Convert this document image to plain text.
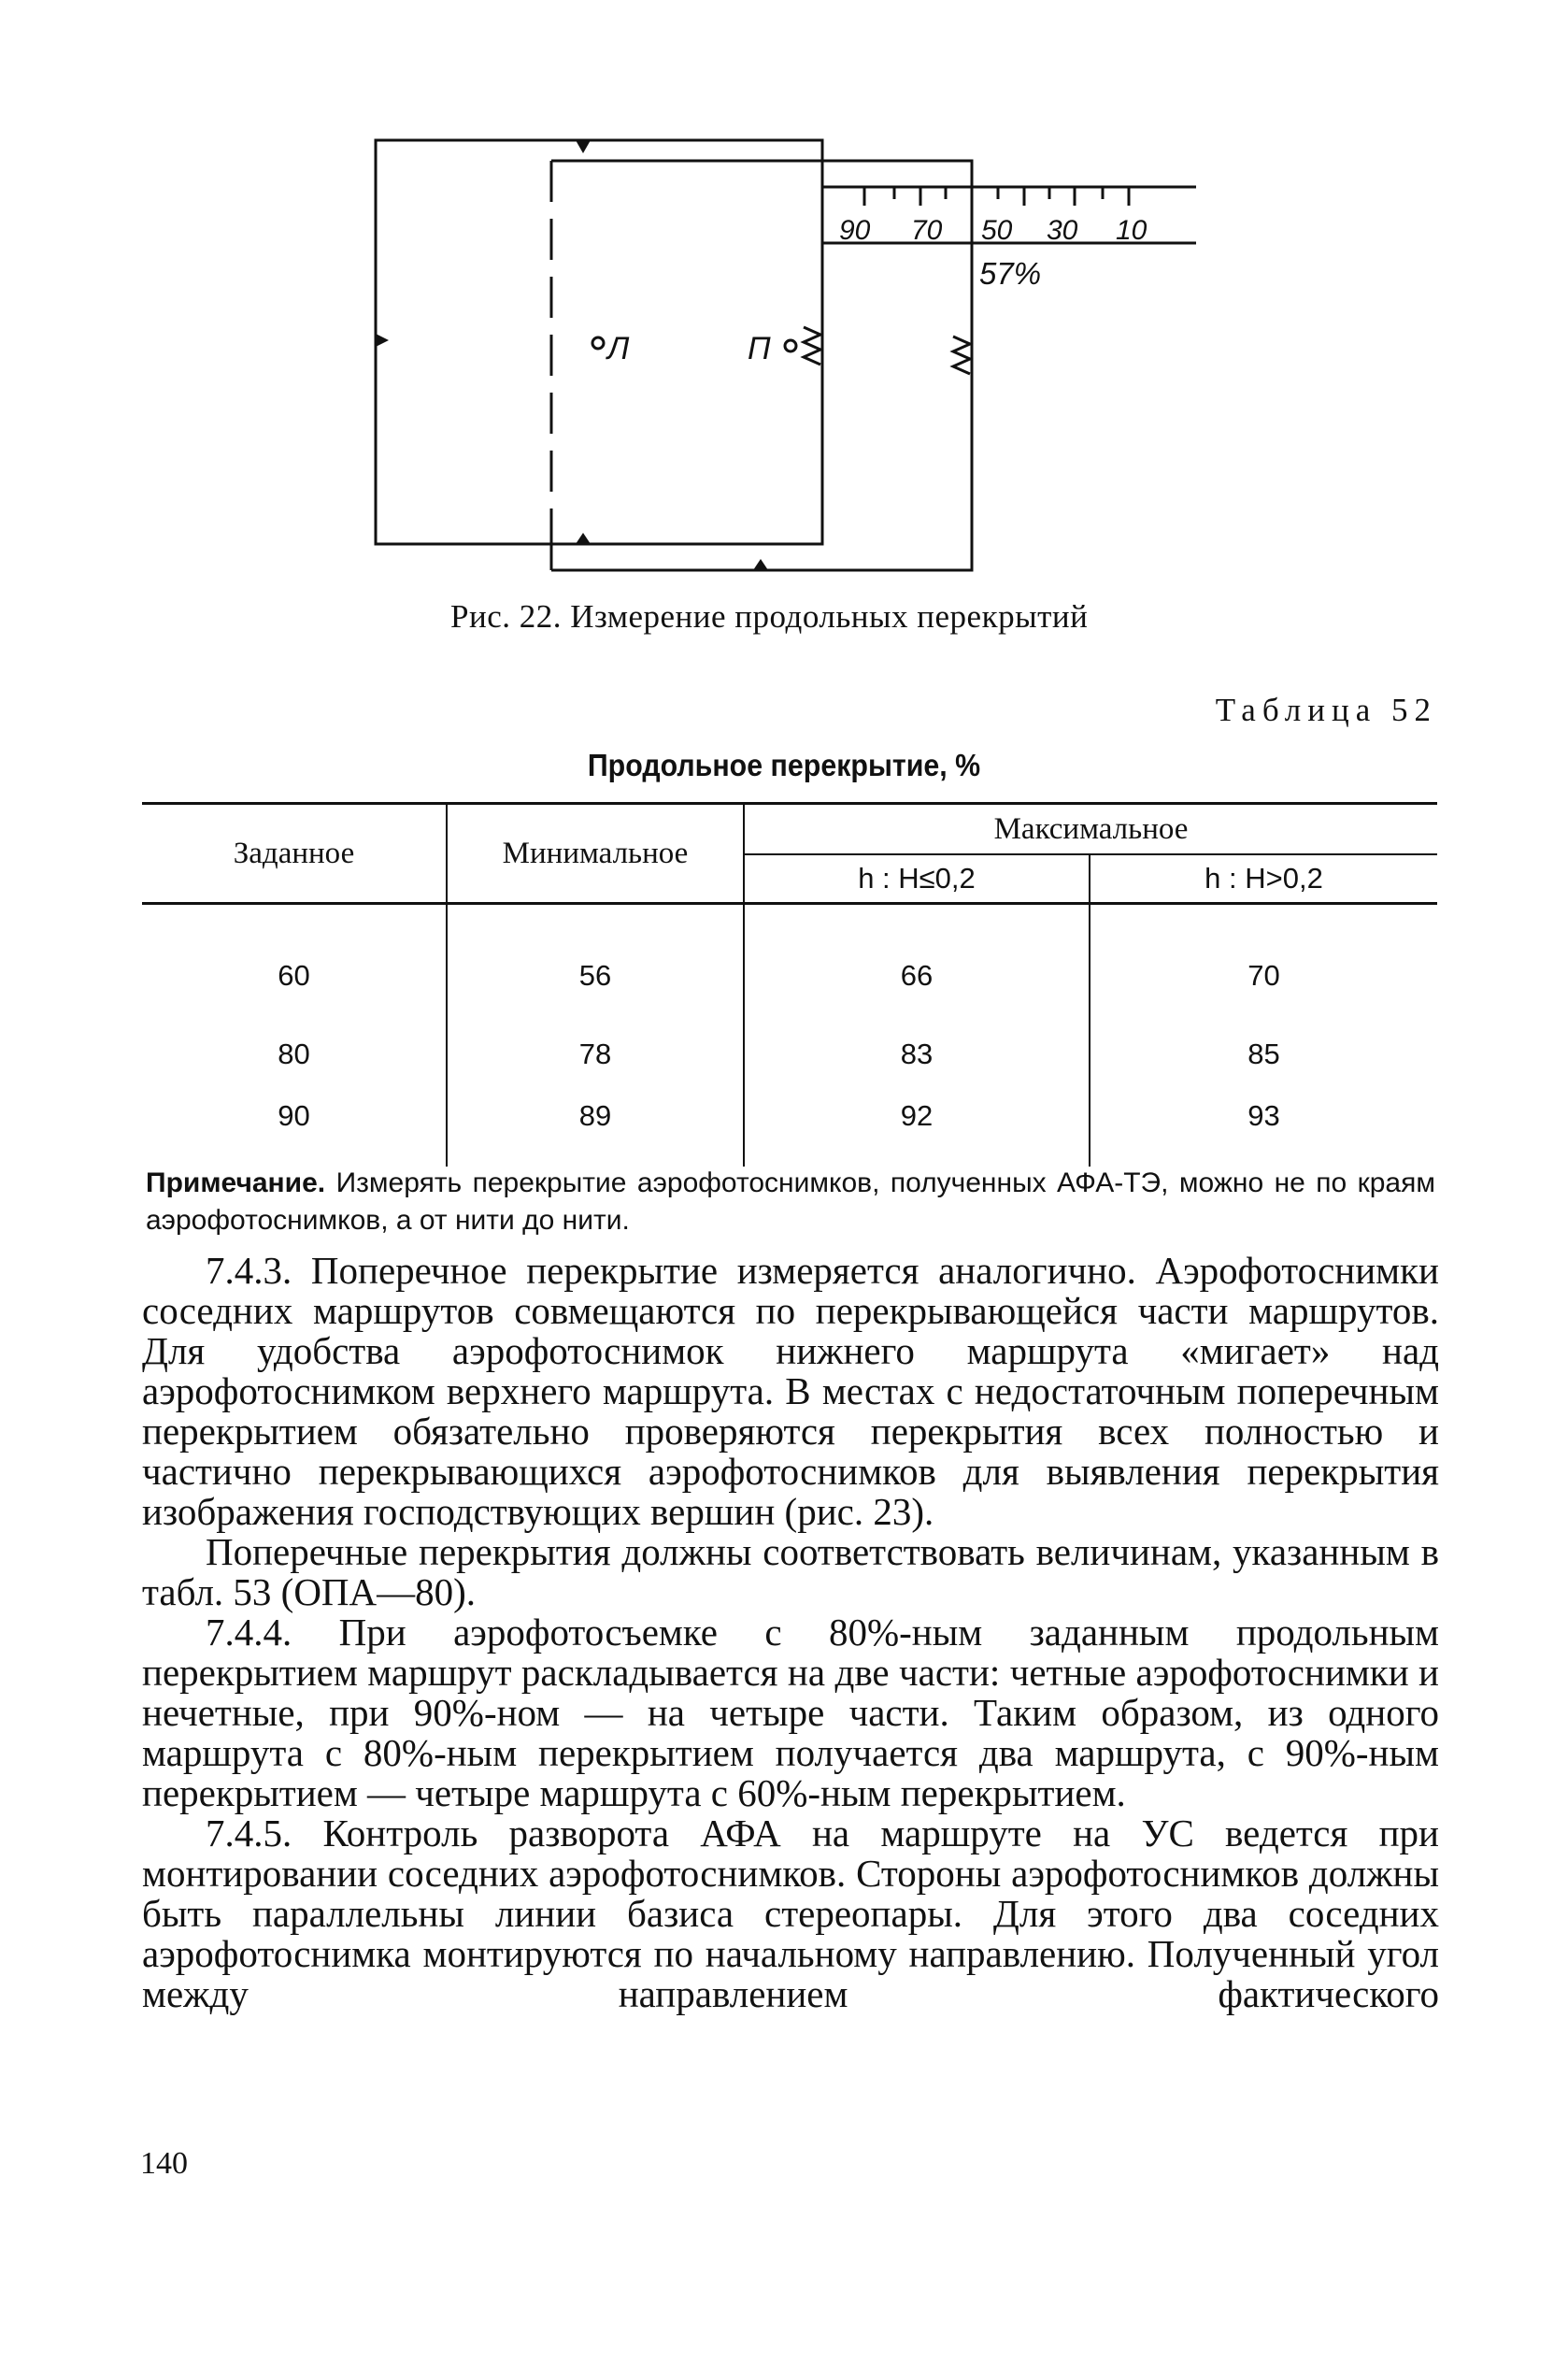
90 70 50 30 10
57%
Л	П
Рис. 22. Измерение продольных перекрытий
Таблица 52
Продольное перекрытие, %
Заданное	Минимальное	Максимальное	
		h : H≤0,2	h : H>0,2
60	56	66	70
80	78	83	85
90	89	92	93
Примечание. Измерять перекрытие аэрофотоснимков, полученных АФА-ТЭ, можно не по краям аэрофотоснимков, а от нити до нити.

7.4.3. Поперечное перекрытие измеряется аналогично. Аэрофотоснимки соседних маршрутов совмещаются по перекрывающейся части маршрутов. Для удобства аэрофотоснимок нижнего маршрута «мигает» над аэрофотоснимком верхнего маршрута. В местах с недостаточным поперечным перекрытием обязательно проверяются перекрытия всех полностью и частично перекрывающихся аэрофотоснимков для выявления перекрытия изображения господствующих вершин (рис. 23).

Поперечные перекрытия должны соответствовать величинам, указанным в табл. 53 (ОПА—80).

7.4.4. При аэрофотосъемке с 80%-ным заданным продольным перекрытием маршрут раскладывается на две части: четные аэрофотоснимки и нечетные, при 90%-ном — на четыре части. Таким образом, из одного маршрута с 80%-ным перекрытием получается два маршрута, с 90%-ным перекрытием — четыре маршрута с 60%-ным перекрытием.

7.4.5. Контроль разворота АФА на маршруте на УС ведется при монтировании соседних аэрофотоснимков. Стороны аэрофотоснимков должны быть параллельны линии базиса стереопары. Для этого два соседних аэрофотоснимка монтируются по начальному направлению. Полученный угол между направлением фактического

140
